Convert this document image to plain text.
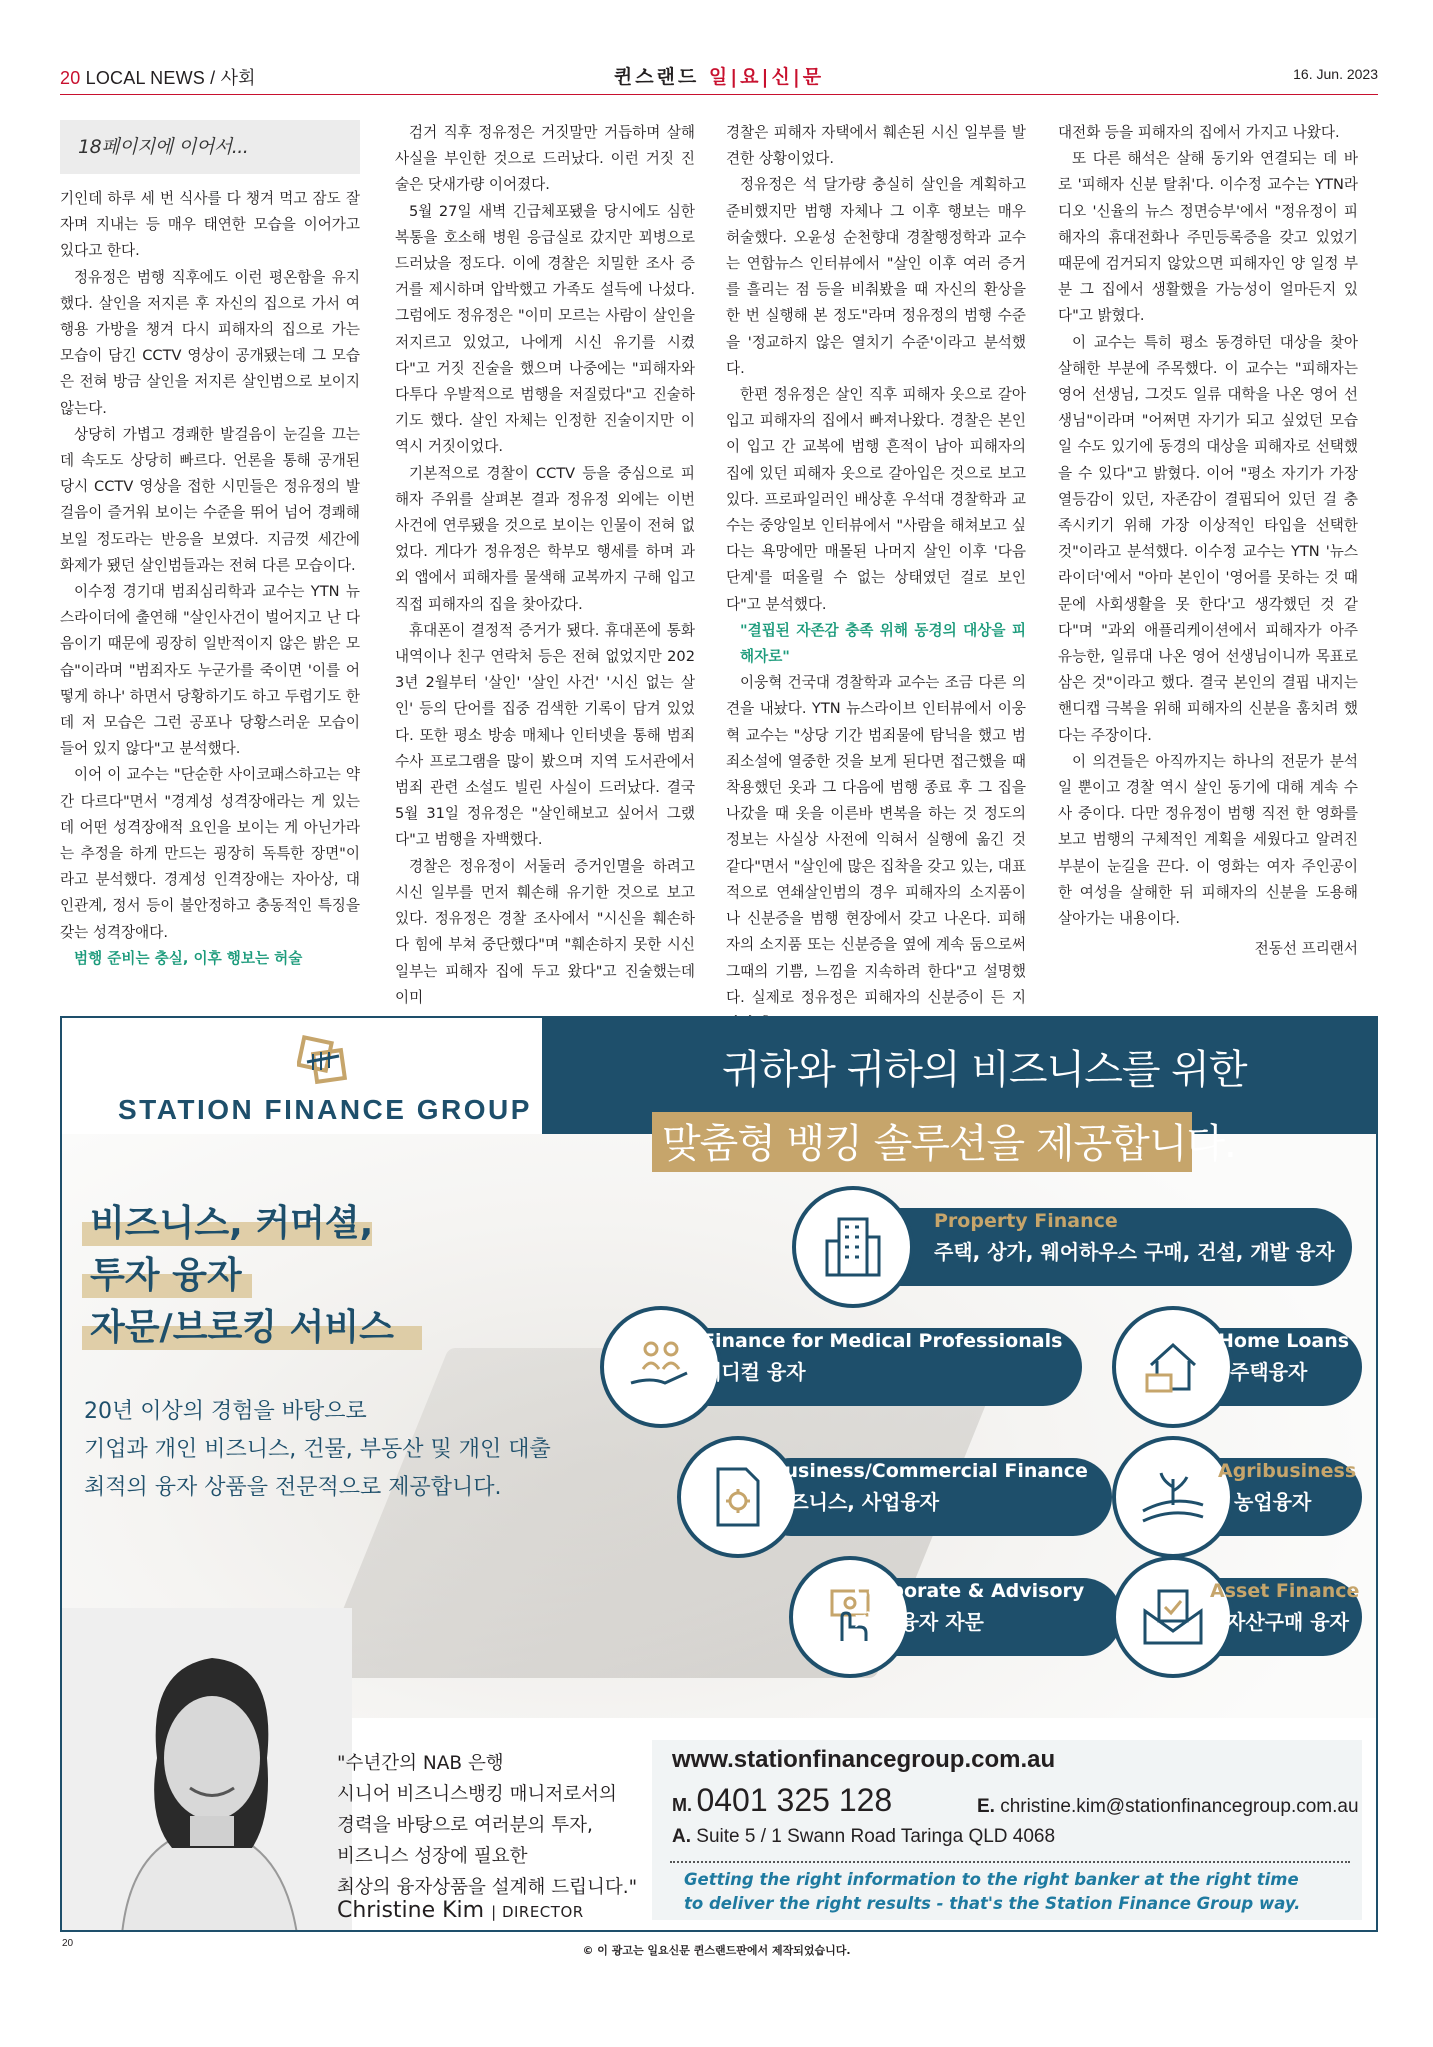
20 LOCAL NEWS / 사회	퀸스랜드 일|요|신|문	16. Jun. 2023
18페이지에 이어서...

기인데 하루 세 번 식사를 다 챙겨 먹고 잠도 잘 자며 지내는 등 매우 태연한 모습을 이어가고 있다고 한다.

정유정은 범행 직후에도 이런 평온함을 유지했다. 살인을 저지른 후 자신의 집으로 가서 여행용 가방을 챙겨 다시 피해자의 집으로 가는 모습이 담긴 CCTV 영상이 공개됐는데 그 모습은 전혀 방금 살인을 저지른 살인범으로 보이지 않는다.

상당히 가볍고 경쾌한 발걸음이 눈길을 끄는데 속도도 상당히 빠르다. 언론을 통해 공개된 당시 CCTV 영상을 접한 시민들은 정유정의 발걸음이 즐거워 보이는 수준을 뛰어 넘어 경쾌해 보일 정도라는 반응을 보였다. 지금껏 세간에 화제가 됐던 살인범들과는 전혀 다른 모습이다.

이수정 경기대 범죄심리학과 교수는 YTN 뉴스라이더에 출연해 "살인사건이 벌어지고 난 다음이기 때문에 굉장히 일반적이지 않은 밝은 모습"이라며 "범죄자도 누군가를 죽이면 '이를 어떻게 하나' 하면서 당황하기도 하고 두렵기도 한데 저 모습은 그런 공포나 당황스러운 모습이 들어 있지 않다"고 분석했다.

이어 이 교수는 "단순한 사이코패스하고는 약간 다르다"면서 "경계성 성격장애라는 게 있는데 어떤 성격장애적 요인을 보이는 게 아닌가라는 추정을 하게 만드는 굉장히 독특한 장면"이라고 분석했다. 경계성 인격장애는 자아상, 대인관계, 정서 등이 불안정하고 충동적인 특징을 갖는 성격장애다.

범행 준비는 충실, 이후 행보는 허술

검거 직후 정유정은 거짓말만 거듭하며 살해 사실을 부인한 것으로 드러났다. 이런 거짓 진술은 닷새가량 이어졌다.

5월 27일 새벽 긴급체포됐을 당시에도 심한 복통을 호소해 병원 응급실로 갔지만 꾀병으로 드러났을 정도다. 이에 경찰은 치밀한 조사 증거를 제시하며 압박했고 가족도 설득에 나섰다. 그럼에도 정유정은 "이미 모르는 사람이 살인을 저지르고 있었고, 나에게 시신 유기를 시켰다"고 거짓 진술을 했으며 나중에는 "피해자와 다투다 우발적으로 범행을 저질렀다"고 진술하기도 했다. 살인 자체는 인정한 진술이지만 이 역시 거짓이었다.

기본적으로 경찰이 CCTV 등을 중심으로 피해자 주위를 살펴본 결과 정유정 외에는 이번 사건에 연루됐을 것으로 보이는 인물이 전혀 없었다. 게다가 정유정은 학부모 행세를 하며 과외 앱에서 피해자를 물색해 교복까지 구해 입고 직접 피해자의 집을 찾아갔다.

휴대폰이 결정적 증거가 됐다. 휴대폰에 통화 내역이나 친구 연락처 등은 전혀 없었지만 2023년 2월부터 '살인' '살인 사건' '시신 없는 살인' 등의 단어를 집중 검색한 기록이 담겨 있었다. 또한 평소 방송 매체나 인터넷을 통해 범죄수사 프로그램을 많이 봤으며 지역 도서관에서 범죄 관련 소설도 빌린 사실이 드러났다. 결국 5월 31일 정유정은 "살인해보고 싶어서 그랬다"고 범행을 자백했다.

경찰은 정유정이 서둘러 증거인멸을 하려고 시신 일부를 먼저 훼손해 유기한 것으로 보고 있다. 정유정은 경찰 조사에서 "시신을 훼손하다 힘에 부쳐 중단했다"며 "훼손하지 못한 시신 일부는 피해자 집에 두고 왔다"고 진술했는데 이미

경찰은 피해자 자택에서 훼손된 시신 일부를 발견한 상황이었다.

정유정은 석 달가량 충실히 살인을 계획하고 준비했지만 범행 자체나 그 이후 행보는 매우 허술했다. 오윤성 순천향대 경찰행정학과 교수는 연합뉴스 인터뷰에서 "살인 이후 여러 증거를 흘리는 점 등을 비춰봤을 때 자신의 환상을 한 번 실행해 본 정도"라며 정유정의 범행 수준을 '정교하지 않은 열치기 수준'이라고 분석했다.

한편 정유정은 살인 직후 피해자 옷으로 갈아입고 피해자의 집에서 빠져나왔다. 경찰은 본인이 입고 간 교복에 범행 흔적이 남아 피해자의 집에 있던 피해자 옷으로 갈아입은 것으로 보고 있다. 프로파일러인 배상훈 우석대 경찰학과 교수는 중앙일보 인터뷰에서 "사람을 해쳐보고 싶다는 욕망에만 매몰된 나머지 살인 이후 '다음 단계'를 떠올릴 수 없는 상태였던 걸로 보인다"고 분석했다.

"결핍된 자존감 충족 위해 동경의 대상을 피해자로"

이웅혁 건국대 경찰학과 교수는 조금 다른 의견을 내놨다. YTN 뉴스라이브 인터뷰에서 이웅혁 교수는 "상당 기간 범죄물에 탐닉을 했고 범죄소설에 열중한 것을 보게 된다면 접근했을 때 착용했던 옷과 그 다음에 범행 종료 후 그 집을 나갔을 때 옷을 이른바 변복을 하는 것 정도의 정보는 사실상 사전에 익혀서 실행에 옮긴 것 같다"면서 "살인에 많은 집착을 갖고 있는, 대표적으로 연쇄살인범의 경우 피해자의 소지품이나 신분증을 범행 현장에서 갖고 나온다. 피해자의 소지품 또는 신분증을 옆에 계속 둠으로써 그때의 기쁨, 느낌을 지속하려 한다"고 설명했다. 실제로 정유정은 피해자의 신분증이 든 지

대전화 등을 피해자의 집에서 가지고 나왔다.

또 다른 해석은 살해 동기와 연결되는 데 바로 '피해자 신분 탈취'다. 이수정 교수는 YTN라디오 '신율의 뉴스 정면승부'에서 "정유정이 피해자의 휴대전화나 주민등록증을 갖고 있었기 때문에 검거되지 않았으면 피해자인 양 일정 부분 그 집에서 생활했을 가능성이 얼마든지 있다"고 밝혔다.

이 교수는 특히 평소 동경하던 대상을 찾아 살해한 부분에 주목했다. 이 교수는 "피해자는 영어 선생님, 그것도 일류 대학을 나온 영어 선생님"이라며 "어쩌면 자기가 되고 싶었던 모습일 수도 있기에 동경의 대상을 피해자로 선택했을 수 있다"고 밝혔다. 이어 "평소 자기가 가장 열등감이 있던, 자존감이 결핍되어 있던 걸 충족시키기 위해 가장 이상적인 타입을 선택한 것"이라고 분석했다. 이수정 교수는 YTN '뉴스라이더'에서 "아마 본인이 '영어를 못하는 것 때문에 사회생활을 못 한다'고 생각했던 것 같다"며 "과외 애플리케이션에서 피해자가 아주 유능한, 일류대 나온 영어 선생님이니까 목표로 삼은 것"이라고 했다. 결국 본인의 결핍 내지는 핸디캡 극복을 위해 피해자의 신분을 훔치려 했다는 주장이다.

이 의견들은 아직까지는 하나의 전문가 분석일 뿐이고 경찰 역시 살인 동기에 대해 계속 수사 중이다. 다만 정유정이 범행 직전 한 영화를 보고 범행의 구체적인 계획을 세웠다고 알려진 부분이 눈길을 끈다. 이 영화는 여자 주인공이 한 여성을 살해한 뒤 피해자의 신분을 도용해 살아가는 내용이다.

전동선 프리랜서

STATION FINANCE GROUP
귀하와 귀하의 비즈니스를 위한
맞춤형 뱅킹 솔루션을 제공합니다.
비즈니스, 커머셜,
투자 융자
자문/브로킹 서비스
20년 이상의 경험을 바탕으로
기업과 개인 비즈니스, 건물, 부동산 및 개인 대출
최적의 융자 상품을 전문적으로 제공합니다.
Property Finance
주택, 상가, 웨어하우스 구매, 건설, 개발 융자
Finance for Medical Professionals
메디컬 융자
Home Loans
주택융자
Business/Commercial Finance
비즈니스, 사업융자
Agribusiness
농업융자
Corporate & Advisory
기업 융자 자문
Asset Finance
자산구매 융자
"수년간의 NAB 은행
시니어 비즈니스뱅킹 매니저로서의
경력을 바탕으로 여러분의 투자,
비즈니스 성장에 필요한
최상의 융자상품을 설계해 드립니다."
Christine Kim | DIRECTOR
www.stationfinancegroup.com.au
M. 0401 325 128	E. christine.kim@stationfinancegroup.com.au
A. Suite 5 / 1 Swann Road Taringa QLD 4068
Getting the right information to the right banker at the right time
to deliver the right results - that's the Station Finance Group way.
20
© 이 광고는 일요신문 퀸스랜드판에서 제작되었습니다.
